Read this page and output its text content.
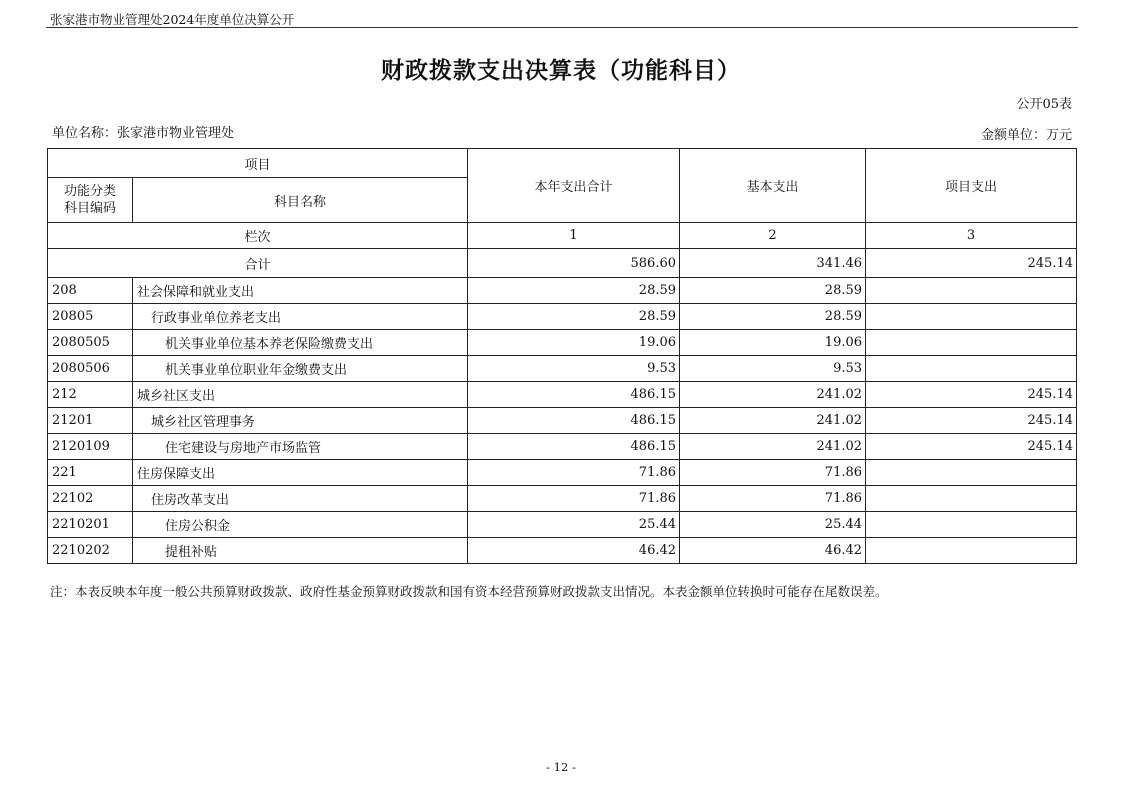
张家港市物业管理处2024年度单位决算公开
财政拨款支出决算表（功能科目）
公开05表
单位名称：张家港市物业管理处	金额单位：万元
项目		本年支出合计	基本支出	项目支出
功能分类
科目编码	科目名称			
栏次		1	2	3
合计		586.60	341.46	245.14
208	社会保障和就业支出	28.59	28.59	
20805	行政事业单位养老支出	28.59	28.59	
2080505	机关事业单位基本养老保险缴费支出	19.06	19.06	
2080506	机关事业单位职业年金缴费支出	9.53	9.53	
212	城乡社区支出	486.15	241.02	245.14
21201	城乡社区管理事务	486.15	241.02	245.14
2120109	住宅建设与房地产市场监管	486.15	241.02	245.14
221	住房保障支出	71.86	71.86	
22102	住房改革支出	71.86	71.86	
2210201	住房公积金	25.44	25.44	
2210202	提租补贴	46.42	46.42	
注：本表反映本年度一般公共预算财政拨款、政府性基金预算财政拨款和国有资本经营预算财政拨款支出情况。本表金额单位转换时可能存在尾数误差。
- 12 -
